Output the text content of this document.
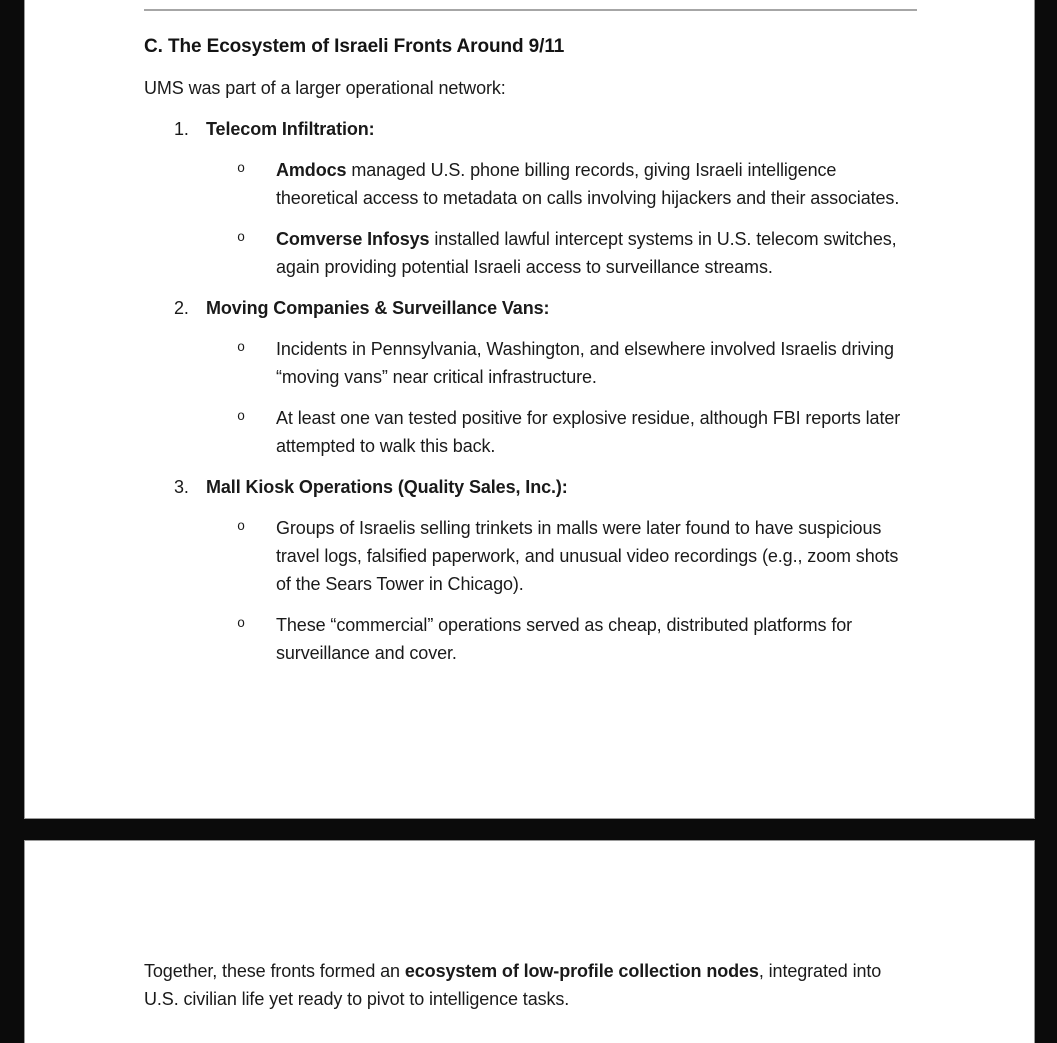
C. The Ecosystem of Israeli Fronts Around 9/11

UMS was part of a larger operational network:

1. Telecom Infiltration:
o	Amdocs managed U.S. phone billing records, giving Israeli intelligence theoretical access to metadata on calls involving hijackers and their associates.
o	Comverse Infosys installed lawful intercept systems in U.S. telecom switches, again providing potential Israeli access to surveillance streams.
2. Moving Companies & Surveillance Vans:
o	Incidents in Pennsylvania, Washington, and elsewhere involved Israelis driving “moving vans” near critical infrastructure.
o	At least one van tested positive for explosive residue, although FBI reports later attempted to walk this back.
3. Mall Kiosk Operations (Quality Sales, Inc.):
o	Groups of Israelis selling trinkets in malls were later found to have suspicious travel logs, falsified paperwork, and unusual video recordings (e.g., zoom shots of the Sears Tower in Chicago).
o	These “commercial” operations served as cheap, distributed platforms for surveillance and cover.

Together, these fronts formed an ecosystem of low-profile collection nodes, integrated into U.S. civilian life yet ready to pivot to intelligence tasks.
